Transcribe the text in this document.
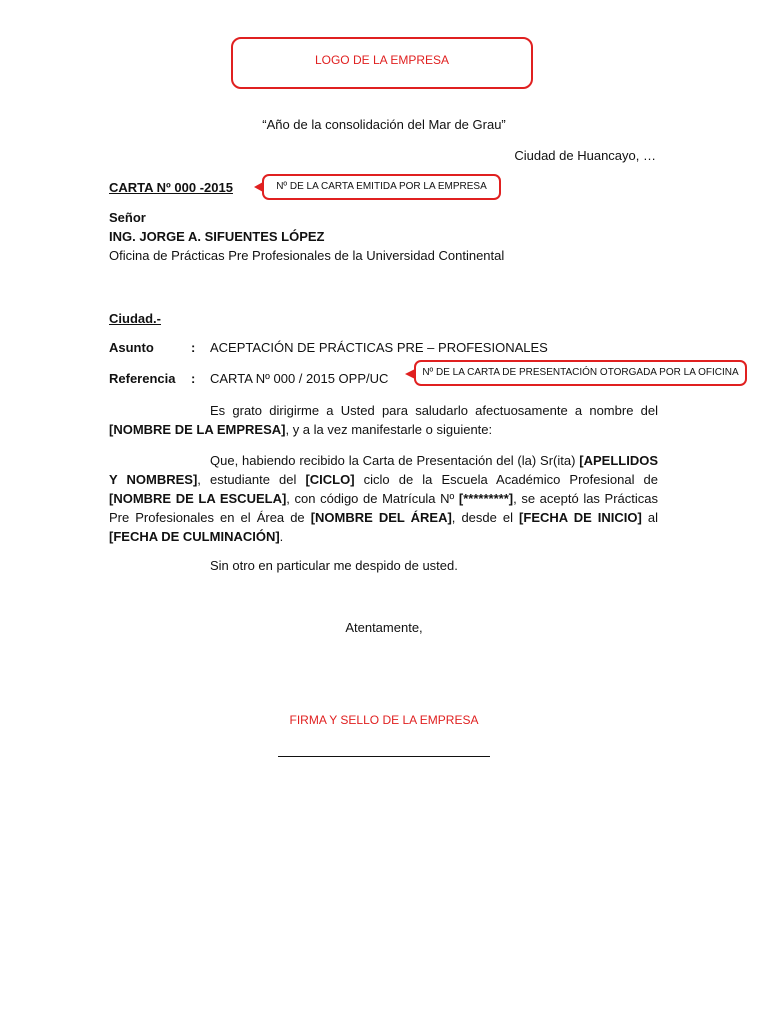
LOGO DE LA EMPRESA
“Año de la consolidación del Mar de Grau”
Ciudad de Huancayo, …
CARTA Nº 000 -2015	Nº DE LA CARTA EMITIDA POR LA EMPRESA
Señor
ING. JORGE A. SIFUENTES LÓPEZ
Oficina de Prácticas Pre Profesionales de la Universidad Continental
Ciudad.-
Asunto	: ACEPTACIÓN DE PRÁCTICAS PRE – PROFESIONALES
Referencia : CARTA Nº 000 / 2015 OPP/UC	Nº DE LA CARTA DE PRESENTACIÓN OTORGADA POR LA OFICINA
Es grato dirigirme a Usted para saludarlo afectuosamente a nombre del [NOMBRE DE LA EMPRESA], y a la vez manifestarle o siguiente:
Que, habiendo recibido la Carta de Presentación del (la) Sr(ita) [APELLIDOS Y NOMBRES], estudiante del [CICLO] ciclo de la Escuela Académico Profesional de [NOMBRE DE LA ESCUELA], con código de Matrícula Nº [*********], se aceptó las Prácticas Pre Profesionales en el Área de [NOMBRE DEL ÁREA], desde el [FECHA DE INICIO] al [FECHA DE CULMINACIÓN].
Sin otro en particular me despido de usted.
Atentamente,
FIRMA Y SELLO DE LA EMPRESA
